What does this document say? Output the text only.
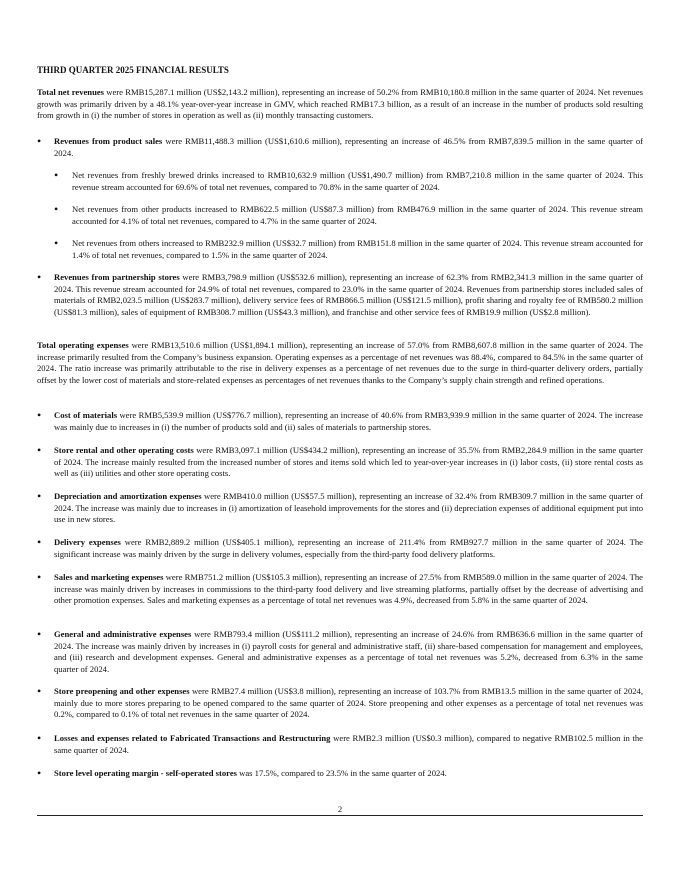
THIRD QUARTER 2025 FINANCIAL RESULTS

Total net revenues were RMB15,287.1 million (US$2,143.2 million), representing an increase of 50.2% from RMB10,180.8 million in the same quarter of 2024. Net revenues growth was primarily driven by a 48.1% year-over-year increase in GMV, which reached RMB17.3 billion, as a result of an increase in the number of products sold resulting from growth in (i) the number of stores in operation as well as (ii) monthly transacting customers.

• Revenues from product sales were RMB11,488.3 million (US$1,610.6 million), representing an increase of 46.5% from RMB7,839.5 million in the same quarter of 2024.
• Net revenues from freshly brewed drinks increased to RMB10,632.9 million (US$1,490.7 million) from RMB7,210.8 million in the same quarter of 2024. This revenue stream accounted for 69.6% of total net revenues, compared to 70.8% in the same quarter of 2024.
• Net revenues from other products increased to RMB622.5 million (US$87.3 million) from RMB476.9 million in the same quarter of 2024. This revenue stream accounted for 4.1% of total net revenues, compared to 4.7% in the same quarter of 2024.
• Net revenues from others increased to RMB232.9 million (US$32.7 million) from RMB151.8 million in the same quarter of 2024. This revenue stream accounted for 1.4% of total net revenues, compared to 1.5% in the same quarter of 2024.
• Revenues from partnership stores were RMB3,798.9 million (US$532.6 million), representing an increase of 62.3% from RMB2,341.3 million in the same quarter of 2024. This revenue stream accounted for 24.9% of total net revenues, compared to 23.0% in the same quarter of 2024. Revenues from partnership stores included sales of materials of RMB2,023.5 million (US$283.7 million), delivery service fees of RMB866.5 million (US$121.5 million), profit sharing and royalty fee of RMB580.2 million (US$81.3 million), sales of equipment of RMB308.7 million (US$43.3 million), and franchise and other service fees of RMB19.9 million (US$2.8 million).

Total operating expenses were RMB13,510.6 million (US$1,894.1 million), representing an increase of 57.0% from RMB8,607.8 million in the same quarter of 2024. The increase primarily resulted from the Company’s business expansion. Operating expenses as a percentage of net revenues was 88.4%, compared to 84.5% in the same quarter of 2024. The ratio increase was primarily attributable to the rise in delivery expenses as a percentage of net revenues due to the surge in third-quarter delivery orders, partially offset by the lower cost of materials and store-related expenses as percentages of net revenues thanks to the Company’s supply chain strength and refined operations.

• Cost of materials were RMB5,539.9 million (US$776.7 million), representing an increase of 40.6% from RMB3,939.9 million in the same quarter of 2024. The increase was mainly due to increases in (i) the number of products sold and (ii) sales of materials to partnership stores.
• Store rental and other operating costs were RMB3,097.1 million (US$434.2 million), representing an increase of 35.5% from RMB2,284.9 million in the same quarter of 2024. The increase mainly resulted from the increased number of stores and items sold which led to year-over-year increases in (i) labor costs, (ii) store rental costs as well as (iii) utilities and other store operating costs.
• Depreciation and amortization expenses were RMB410.0 million (US$57.5 million), representing an increase of 32.4% from RMB309.7 million in the same quarter of 2024. The increase was mainly due to increases in (i) amortization of leasehold improvements for the stores and (ii) depreciation expenses of additional equipment put into use in new stores.
• Delivery expenses were RMB2,889.2 million (US$405.1 million), representing an increase of 211.4% from RMB927.7 million in the same quarter of 2024. The significant increase was mainly driven by the surge in delivery volumes, especially from the third-party food delivery platforms.
• Sales and marketing expenses were RMB751.2 million (US$105.3 million), representing an increase of 27.5% from RMB589.0 million in the same quarter of 2024. The increase was mainly driven by increases in commissions to the third-party food delivery and live streaming platforms, partially offset by the decrease of advertising and other promotion expenses. Sales and marketing expenses as a percentage of total net revenues was 4.9%, decreased from 5.8% in the same quarter of 2024.
• General and administrative expenses were RMB793.4 million (US$111.2 million), representing an increase of 24.6% from RMB636.6 million in the same quarter of 2024. The increase was mainly driven by increases in (i) payroll costs for general and administrative staff, (ii) share-based compensation for management and employees, and (iii) research and development expenses. General and administrative expenses as a percentage of total net revenues was 5.2%, decreased from 6.3% in the same quarter of 2024.
• Store preopening and other expenses were RMB27.4 million (US$3.8 million), representing an increase of 103.7% from RMB13.5 million in the same quarter of 2024, mainly due to more stores preparing to be opened compared to the same quarter of 2024. Store preopening and other expenses as a percentage of total net revenues was 0.2%, compared to 0.1% of total net revenues in the same quarter of 2024.
• Losses and expenses related to Fabricated Transactions and Restructuring were RMB2.3 million (US$0.3 million), compared to negative RMB102.5 million in the same quarter of 2024.
• Store level operating margin - self-operated stores was 17.5%, compared to 23.5% in the same quarter of 2024.
2
